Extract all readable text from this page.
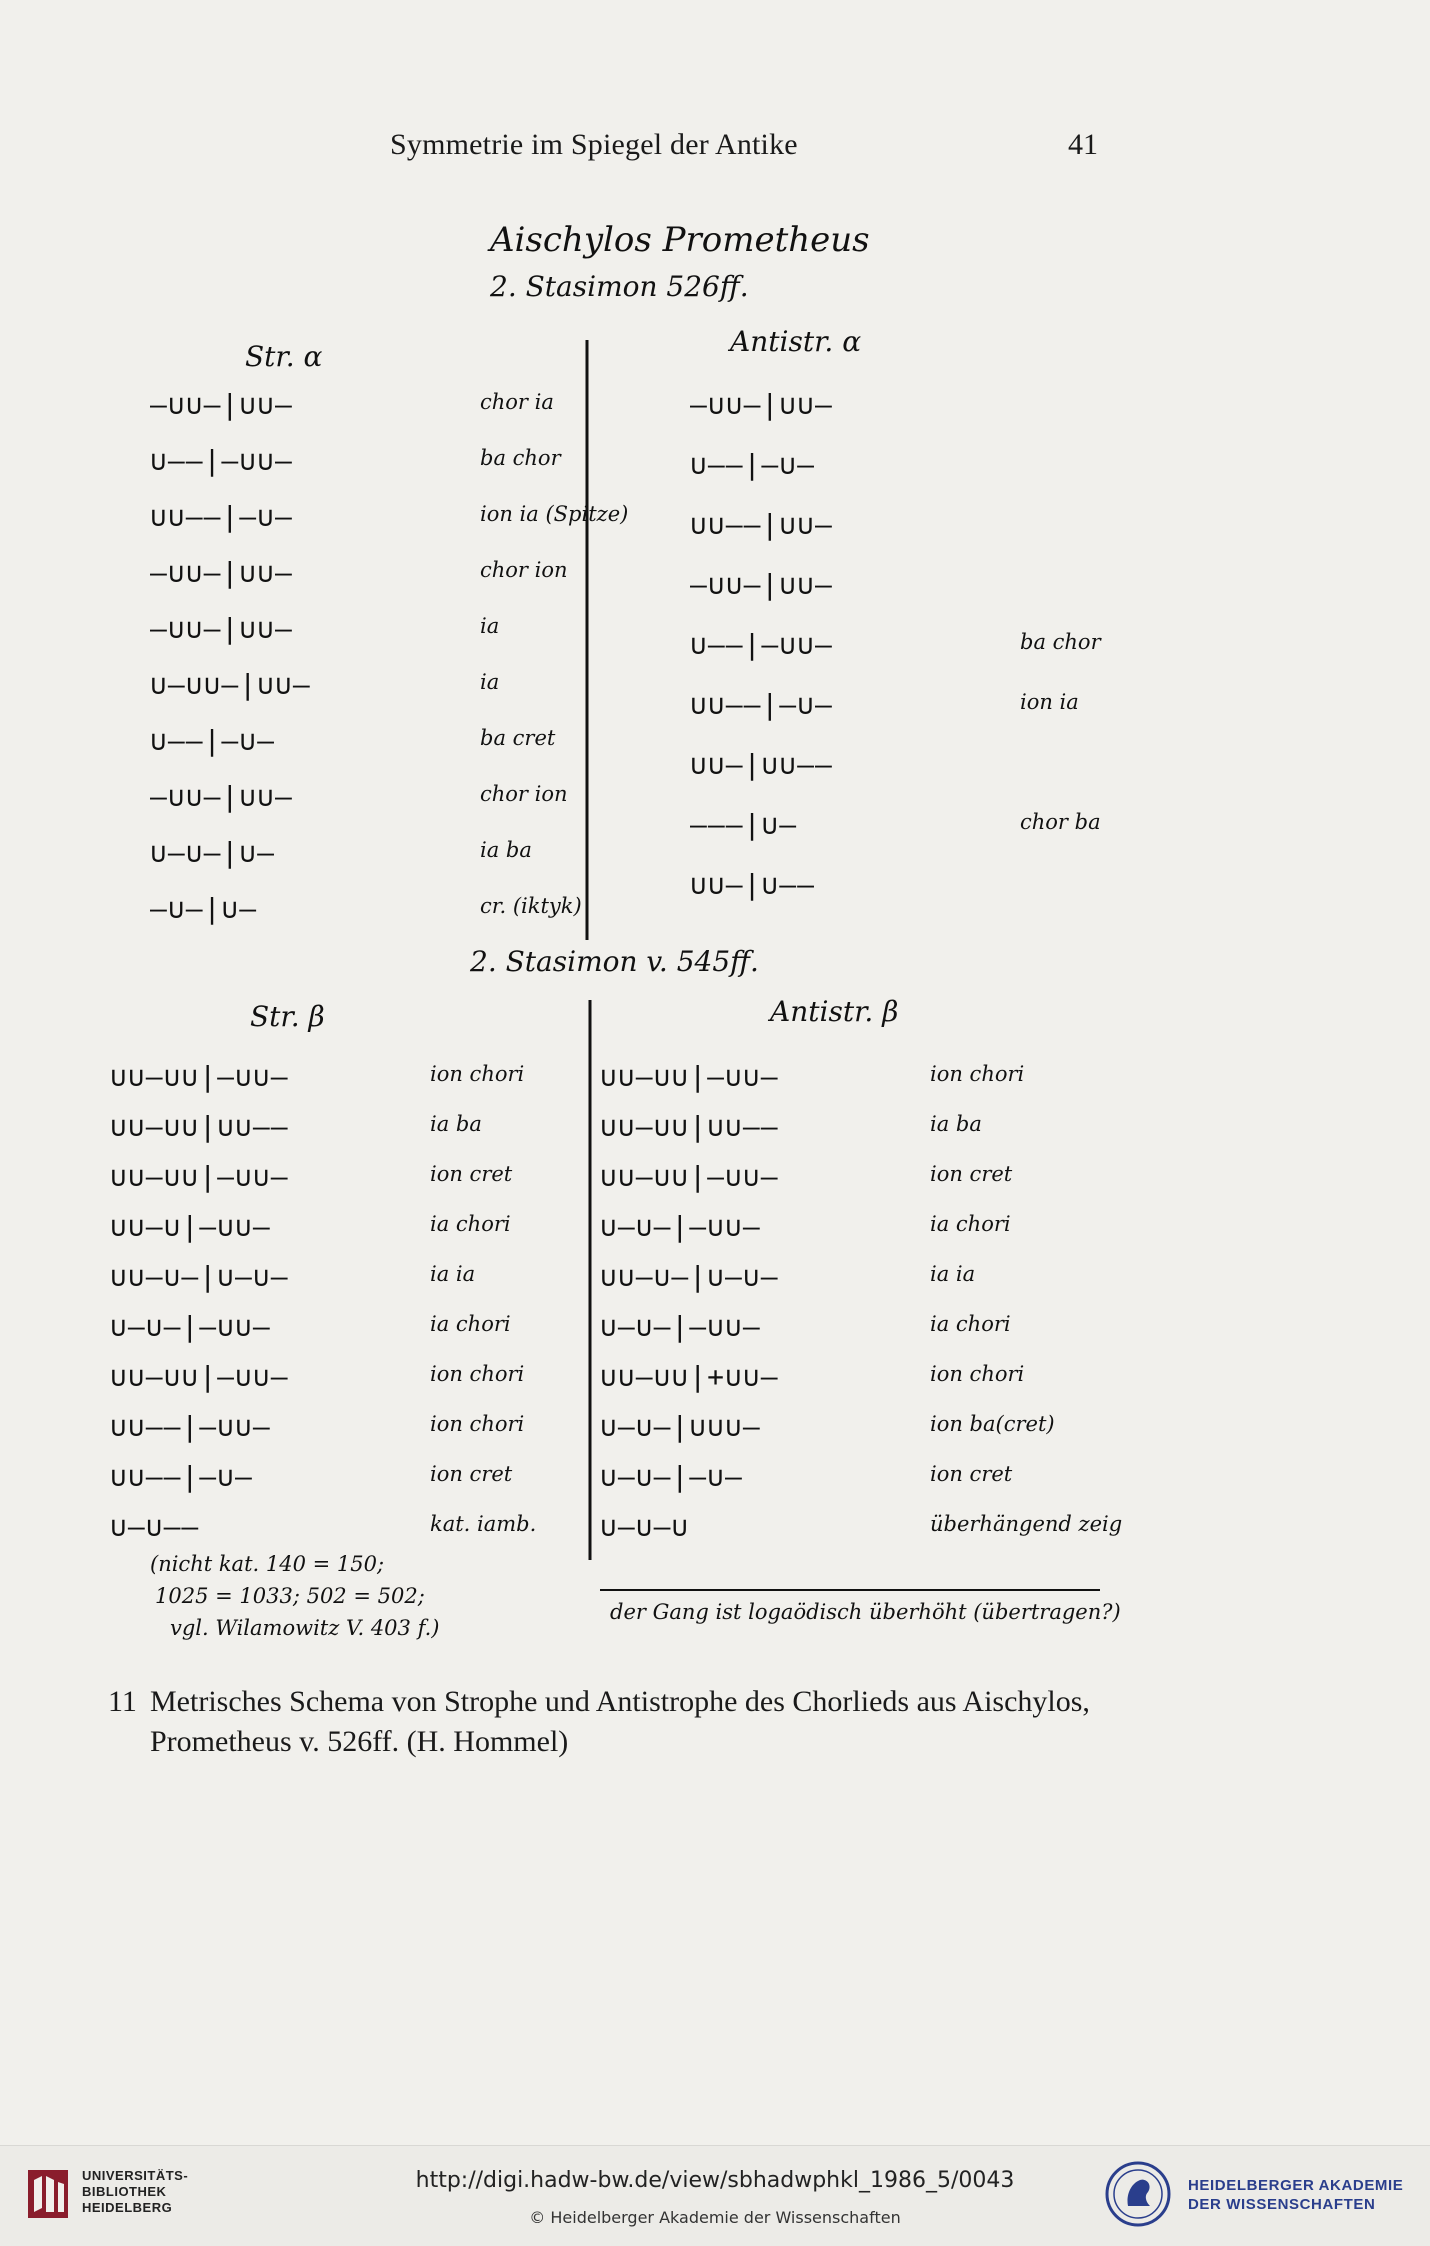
Symmetrie im Spiegel der Antike	41
Aischylos Prometheus
2. Stasimon 526ff.
Str. α	Antistr. α
–∪∪–|∪∪–	chor ia
∪––|–∪∪–	ba chor
∪∪––|–∪–	ion ia (Spitze)
–∪∪–|∪∪–	chor ion
–∪∪–|∪∪–	ia
∪–∪∪–|∪∪–	ia
∪––|–∪–	ba cret
–∪∪–|∪∪–	chor ion
∪–∪–|∪–	ia ba
–∪–|∪–	cr. (iktyk)
–∪∪–|∪∪–
∪––|–∪–
∪∪––|∪∪–
–∪∪–|∪∪–
∪––|–∪∪–	ba chor
∪∪––|–∪–	ion ia
∪∪–|∪∪––
–––|∪–	chor ba
∪∪–|∪––
2. Stasimon v. 545ff.
Str. β	Antistr. β
∪∪–∪∪|–∪∪–	ion chori
∪∪–∪∪|∪∪––	ia ba
∪∪–∪∪|–∪∪–	ion cret
∪∪–∪|–∪∪–	ia chori
∪∪–∪–|∪–∪–	ia ia
∪–∪–|–∪∪–	ia chori
∪∪–∪∪|–∪∪–	ion chori
∪∪––|–∪∪–	ion chori
∪∪––|–∪–	ion cret
∪–∪––	kat. iamb.
∪∪–∪∪|–∪∪–	ion chori
∪∪–∪∪|∪∪––	ia ba
∪∪–∪∪|–∪∪–	ion cret
∪–∪–|–∪∪–	ia chori
∪∪–∪–|∪–∪–	ia ia
∪–∪–|–∪∪–	ia chori
∪∪–∪∪|+∪∪–	ion chori
∪–∪–|∪∪∪–	ion ba(cret)
∪–∪–|–∪–	ion cret
∪–∪–∪	überhängend zeig
(nicht kat. 140 = 150;
1025 = 1033; 502 = 502;
vgl. Wilamowitz V. 403 f.)
der Gang ist logaödisch überhöht (übertragen?)
11 Metrisches Schema von Strophe und Antistrophe des Chorlieds aus Aischylos,
Prometheus v. 526ff. (H. Hommel)
UNIVERSITÄTS-
BIBLIOTHEK
HEIDELBERG
http://digi.hadw-bw.de/view/sbhadwphkl_1986_5/0043
© Heidelberger Akademie der Wissenschaften
HEIDELBERGER AKADEMIE
DER WISSENSCHAFTEN
